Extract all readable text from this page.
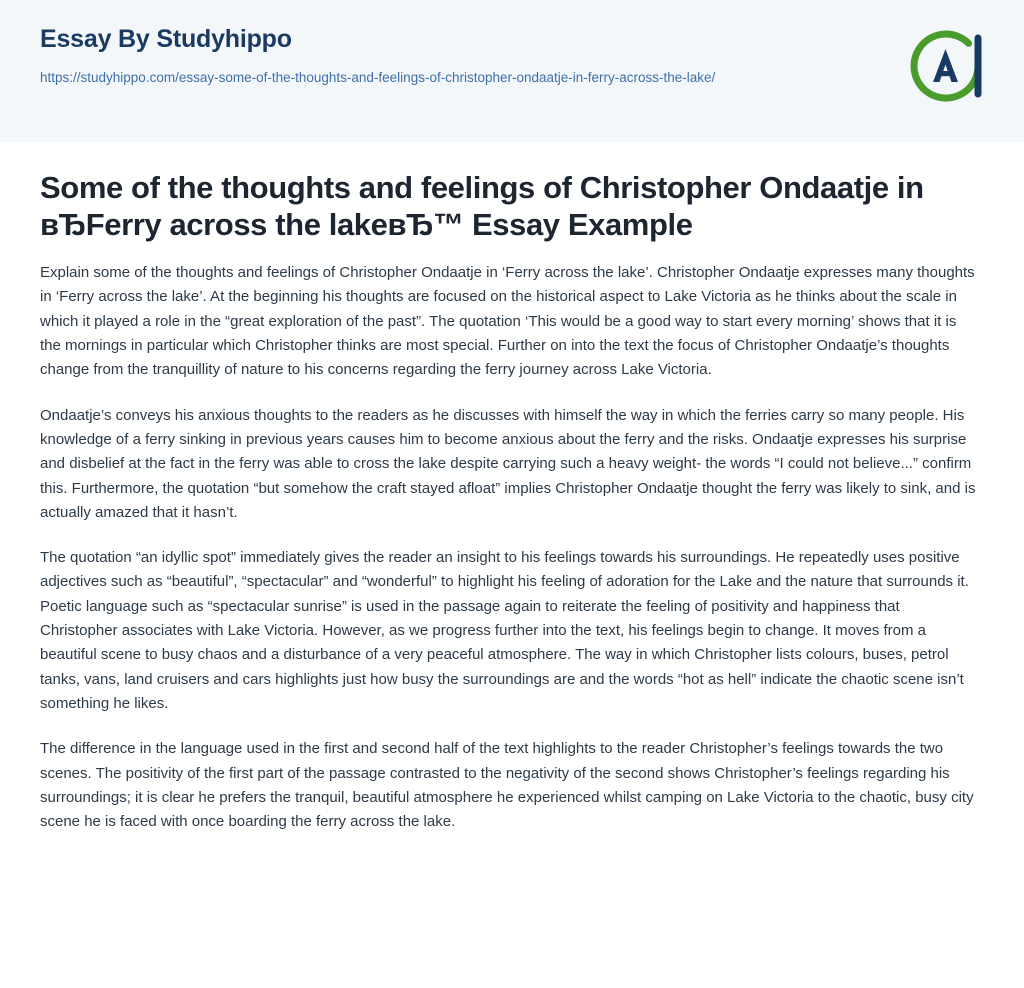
Essay By Studyhippo
https://studyhippo.com/essay-some-of-the-thoughts-and-feelings-of-christopher-ondaatje-in-ferry-across-the-lake/
Some of the thoughts and feelings of Christopher Ondaatje in вЂFerry across the lakeвЂ™ Essay Example

Explain some of the thoughts and feelings of Christopher Ondaatje in ‘Ferry across the lake’. Christopher Ondaatje expresses many thoughts in ‘Ferry across the lake’. At the beginning his thoughts are focused on the historical aspect to Lake Victoria as he thinks about the scale in which it played a role in the “great exploration of the past”. The quotation ‘This would be a good way to start every morning’ shows that it is the mornings in particular which Christopher thinks are most special. Further on into the text the focus of Christopher Ondaatje’s thoughts change from the tranquillity of nature to his concerns regarding the ferry journey across Lake Victoria.

Ondaatje’s conveys his anxious thoughts to the readers as he discusses with himself the way in which the ferries carry so many people. His knowledge of a ferry sinking in previous years causes him to become anxious about the ferry and the risks. Ondaatje expresses his surprise and disbelief at the fact in the ferry was able to cross the lake despite carrying such a heavy weight- the words “I could not believe...” confirm this. Furthermore, the quotation “but somehow the craft stayed afloat” implies Christopher Ondaatje thought the ferry was likely to sink, and is actually amazed that it hasn’t.

The quotation “an idyllic spot” immediately gives the reader an insight to his feelings towards his surroundings. He repeatedly uses positive adjectives such as “beautiful”, “spectacular” and “wonderful” to highlight his feeling of adoration for the Lake and the nature that surrounds it. Poetic language such as “spectacular sunrise” is used in the passage again to reiterate the feeling of positivity and happiness that Christopher associates with Lake Victoria. However, as we progress further into the text, his feelings begin to change. It moves from a beautiful scene to busy chaos and a disturbance of a very peaceful atmosphere. The way in which Christopher lists colours, buses, petrol tanks, vans, land cruisers and cars highlights just how busy the surroundings are and the words “hot as hell” indicate the chaotic scene isn’t something he likes.

The difference in the language used in the first and second half of the text highlights to the reader Christopher’s feelings towards the two scenes. The positivity of the first part of the passage contrasted to the negativity of the second shows Christopher’s feelings regarding his surroundings; it is clear he prefers the tranquil, beautiful atmosphere he experienced whilst camping on Lake Victoria to the chaotic, busy city scene he is faced with once boarding the ferry across the lake.
